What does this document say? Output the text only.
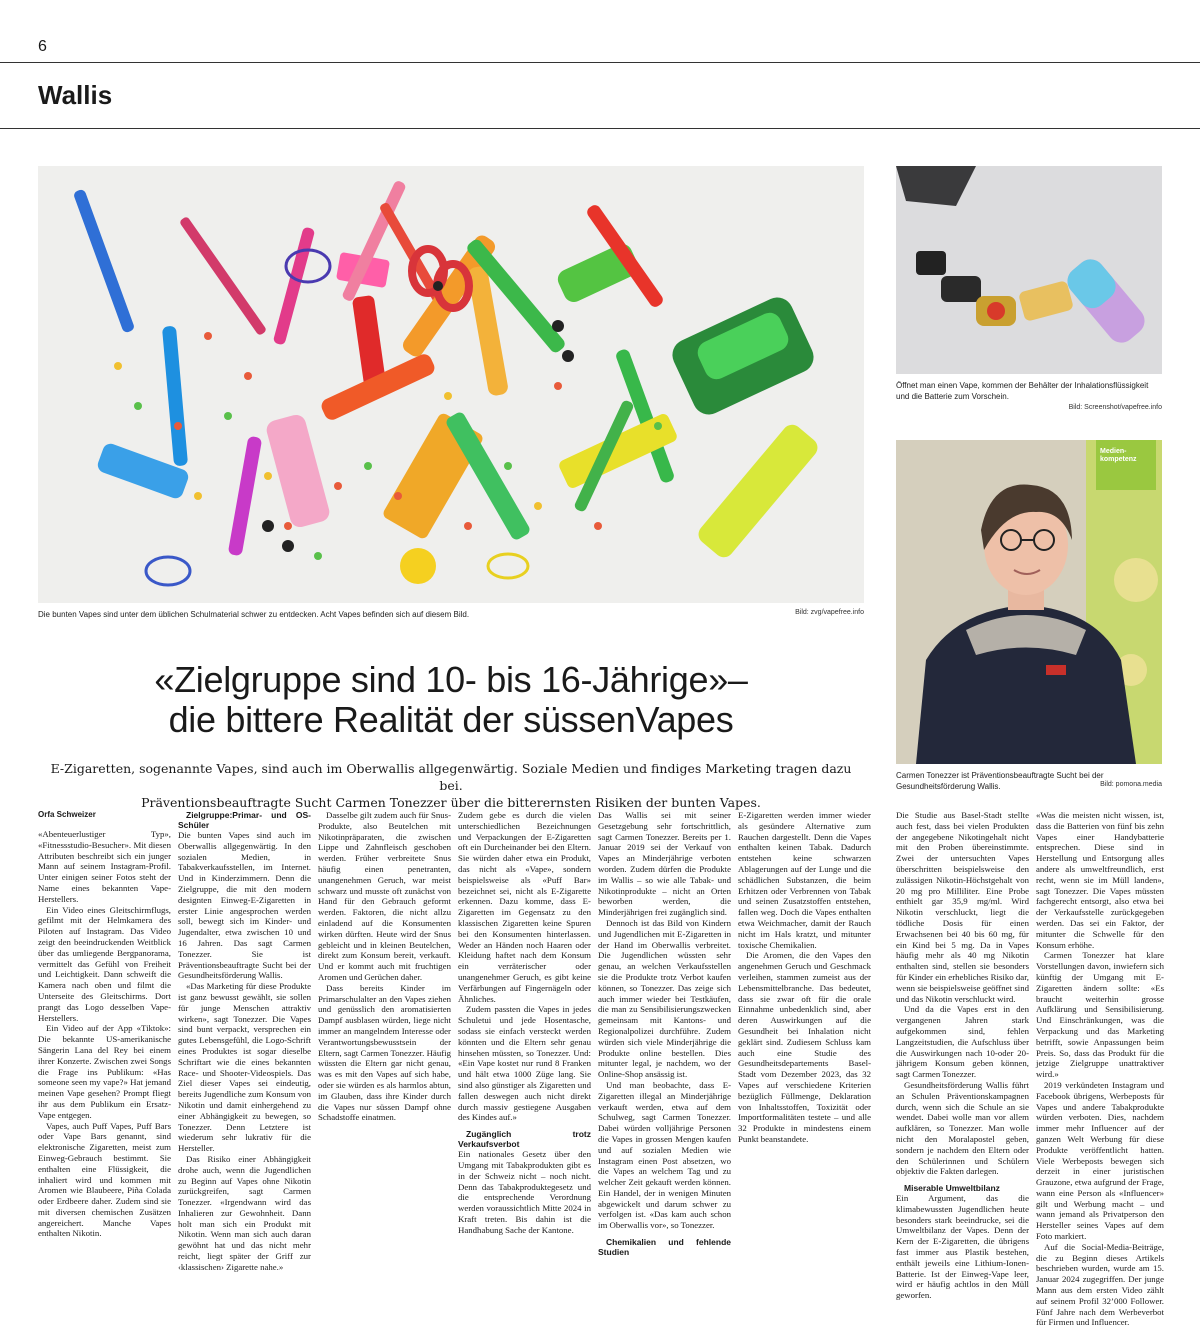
6
Wallis
Die bunten Vapes sind unter dem üblichen Schulmaterial schwer zu entdecken. Acht Vapes befinden sich auf diesem Bild.	Bild: zvg/vapefree.info
Öffnet man einen Vape, kommen der Behälter der Inhalationsflüssigkeit und die Batterie zum Vorschein.
Bild: Screenshot/vapefree.info
Medienkompetenz
Carmen Tonezzer ist Präventionsbeauftragte Sucht bei der Gesundheitsförderung Wallis.	Bild: pomona.media
«Zielgruppe sind 10- bis 16-Jährige»–
die bittere Realität der süssenVapes
E-Zigaretten, sogenannte Vapes, sind auch im Oberwallis allgegenwärtig. Soziale Medien und findiges Marketing tragen dazu bei.
Präventionsbeauftragte Sucht Carmen Tonezzer über die bitterernsten Risiken der bunten Vapes.
Orfa Schweizer

«Abenteuerlustiger Typ», «Fitnessstudio-Besucher». Mit diesen Attributen beschreibt sich ein junger Mann auf seinem Instagram-Profil. Unter einigen seiner Fotos steht der Name eines bekannten Vape-Herstellers.

Ein Video eines Gleitschirmflugs, gefilmt mit der Helmkamera des Piloten auf Instagram. Das Video zeigt den beeindruckenden Weitblick über das umliegende Bergpanorama, vermittelt das Gefühl von Freiheit und Leichtigkeit. Dann schweift die Kamera nach oben und filmt die Unterseite des Gleitschirms. Dort prangt das Logo desselben Vape-Herstellers.

Ein Video auf der App «Tiktok»: Die bekannte US-amerikanische Sängerin Lana del Rey bei einem ihrer Konzerte. Zwischen zwei Songs die Frage ins Publikum: «Has someone seen my vape?» Hat jemand meinen Vape gesehen? Prompt fliegt ihr aus dem Publikum ein Ersatz-Vape entgegen.

Vapes, auch Puff Vapes, Puff Bars oder Vape Bars genannt, sind elektronische Zigaretten, meist zum Einweg-Gebrauch bestimmt. Sie enthalten eine Flüssigkeit, die inhaliert wird und kommen mit Aromen wie Blaubeere, Piña Colada oder Erdbeere daher. Zudem sind sie mit diversen chemischen Zusätzen angereichert. Manche Vapes enthalten Nikotin.

Zielgruppe:Primar- und OS-Schüler

Die bunten Vapes sind auch im Oberwallis allgegenwärtig. In den sozialen Medien, in Tabakverkaufsstellen, im Internet. Und in Kinderzimmern. Denn die Zielgruppe, die mit den modern designten Einweg-E-Zigaretten in erster Linie angesprochen werden soll, bewegt sich im Kinder- und Jugendalter, etwa zwischen 10 und 16 Jahren. Das sagt Carmen Tonezzer. Sie ist Präventionsbeauftragte Sucht bei der Gesundheitsförderung Wallis.

«Das Marketing für diese Produkte ist ganz bewusst gewählt, sie sollen für junge Menschen attraktiv wirken», sagt Tonezzer. Die Vapes sind bunt verpackt, versprechen ein gutes Lebensgefühl, die Logo-Schrift eines Produktes ist sogar dieselbe Schriftart wie die eines bekannten Race- und Shooter-Videospiels. Das Ziel dieser Vapes sei eindeutig, bereits Jugendliche zum Konsum von Nikotin und damit einhergehend zu einer Abhängigkeit zu bewegen, so Tonezzer. Denn Letztere ist wiederum sehr lukrativ für die Hersteller.

Das Risiko einer Abhängigkeit drohe auch, wenn die Jugendlichen zu Beginn auf Vapes ohne Nikotin zurückgreifen, sagt Carmen Tonezzer. «Irgendwann wird das Inhalieren zur Gewohnheit. Dann holt man sich ein Produkt mit Nikotin. Wenn man sich auch daran gewöhnt hat und das nicht mehr reicht, liegt später der Griff zur ‹klassischen› Zigarette nahe.»

Dasselbe gilt zudem auch für Snus-Produkte, also Beutelchen mit Nikotinpräparaten, die zwischen Lippe und Zahnfleisch geschoben werden. Früher verbreitete Snus häufig einen penetranten, unangenehmen Geruch, war meist schwarz und musste oft zunächst von Hand für den Gebrauch geformt werden. Faktoren, die nicht allzu einladend auf die Konsumenten wirken dürften. Heute wird der Snus gebleicht und in kleinen Beutelchen, direkt zum Konsum bereit, verkauft. Und er kommt auch mit fruchtigen Aromen und Gerüchen daher.

Dass bereits Kinder im Primarschulalter an den Vapes ziehen und genüsslich den aromatisierten Dampf ausblasen würden, liege nicht immer an mangelndem Interesse oder Verantwortungsbewusstsein der Eltern, sagt Carmen Tonezzer. Häufig wüssten die Eltern gar nicht genau, was es mit den Vapes auf sich habe, oder sie würden es als harmlos abtun, im Glauben, dass ihre Kinder durch die Vapes nur süssen Dampf ohne Schadstoffe einatmen.

Zudem gebe es durch die vielen unterschiedlichen Bezeichnungen und Verpackungen der E-Zigaretten oft ein Durcheinander bei den Eltern. Sie würden daher etwa ein Produkt, das nicht als «Vape», sondern beispielsweise als «Puff Bar» bezeichnet sei, nicht als E-Zigarette erkennen. Dazu komme, dass E-Zigaretten im Gegensatz zu den klassischen Zigaretten keine Spuren bei den Konsumenten hinterlassen. Weder an Händen noch Haaren oder Kleidung haftet nach dem Konsum ein verräterischer oder unangenehmer Geruch, es gibt keine Verfärbungen auf Fingernägeln oder Ähnliches.

Zudem passten die Vapes in jedes Schuletui und jede Hosentasche, sodass sie einfach versteckt werden könnten und die Eltern sehr genau hinsehen müssten, so Tonezzer. Und: «Ein Vape kostet nur rund 8 Franken und hält etwa 1000 Züge lang. Sie sind also günstiger als Zigaretten und fallen deswegen auch nicht direkt durch massiv gestiegene Ausgaben des Kindes auf.»

Zugänglich trotz Verkaufsverbot

Ein nationales Gesetz über den Umgang mit Tabakprodukten gibt es in der Schweiz nicht – noch nicht. Denn das Tabakproduktegesetz und die entsprechende Verordnung werden voraussichtlich Mitte 2024 in Kraft treten. Bis dahin ist die Handhabung Sache der Kantone.

Das Wallis sei mit seiner Gesetzgebung sehr fortschrittlich, sagt Carmen Tonezzer. Bereits per 1. Januar 2019 sei der Verkauf von Vapes an Minderjährige verboten worden. Zudem dürfen die Produkte im Wallis – so wie alle Tabak- und Nikotinprodukte – nicht an Orten beworben werden, die Minderjährigen frei zugänglich sind.

Dennoch ist das Bild von Kindern und Jugendlichen mit E-Zigaretten in der Hand im Oberwallis verbreitet. Die Jugendlichen wüssten sehr genau, an welchen Verkaufsstellen sie die Produkte trotz Verbot kaufen können, so Tonezzer. Das zeige sich auch immer wieder bei Testkäufen, die man zu Sensibilisierungszwecken gemeinsam mit Kantons- und Regionalpolizei durchführe. Zudem würden sich viele Minderjährige die Produkte online bestellen. Dies mitunter legal, je nachdem, wo der Online-Shop ansässig ist.

Und man beobachte, dass E-Zigaretten illegal an Minderjährige verkauft werden, etwa auf dem Schulweg, sagt Carmen Tonezzer. Dabei würden volljährige Personen die Vapes in grossen Mengen kaufen und auf sozialen Medien wie Instagram einen Post absetzen, wo die Vapes an welchem Tag und zu welcher Zeit gekauft werden können. Ein Handel, der in wenigen Minuten abgewickelt und darum schwer zu verfolgen ist. «Das kam auch schon im Oberwallis vor», so Tonezzer.

Chemikalien und fehlende Studien

E-Zigaretten werden immer wieder als gesündere Alternative zum Rauchen dargestellt. Denn die Vapes enthalten keinen Tabak. Dadurch entstehen keine schwarzen Ablagerungen auf der Lunge und die schädlichen Substanzen, die beim Erhitzen oder Verbrennen von Tabak und seinen Zusatzstoffen entstehen, fallen weg. Doch die Vapes enthalten etwa Weichmacher, damit der Rauch nicht im Hals kratzt, und mitunter toxische Chemikalien.

Die Aromen, die den Vapes den angenehmen Geruch und Geschmack verleihen, stammen zumeist aus der Lebensmittelbranche. Das bedeutet, dass sie zwar oft für die orale Einnahme unbedenklich sind, aber deren Auswirkungen auf die Gesundheit bei Inhalation nicht geklärt sind. Zudiesem Schluss kam auch eine Studie des Gesundheitsdepartements Basel-Stadt vom Dezember 2023, das 32 Vapes auf verschiedene Kriterien bezüglich Füllmenge, Deklaration von Inhaltsstoffen, Toxizität oder Importformalitäten testete – und alle 32 Produkte in mindestens einem Punkt beanstandete.

Die Studie aus Basel-Stadt stellte auch fest, dass bei vielen Produkten der angegebene Nikotingehalt nicht mit den Proben übereinstimmte. Zwei der untersuchten Vapes überschritten beispielsweise den zulässigen Nikotin-Höchstgehalt von 20 mg pro Milliliter. Eine Probe enthielt gar 35,9 mg/ml. Wird Nikotin verschluckt, liegt die tödliche Dosis für einen Erwachsenen bei 40 bis 60 mg, für ein Kind bei 5 mg. Da in Vapes häufig mehr als 40 mg Nikotin enthalten sind, stellen sie besonders für Kinder ein erhebliches Risiko dar, wenn sie beispielsweise geöffnet sind und das Nikotin verschluckt wird.

Und da die Vapes erst in den vergangenen Jahren stark aufgekommen sind, fehlen Langzeitstudien, die Aufschluss über die Auswirkungen nach 10-oder 20-jährigem Konsum geben können, sagt Carmen Tonezzer.

Gesundheitsförderung Wallis führt an Schulen Präventionskampagnen durch, wenn sich die Schule an sie wendet. Dabei wolle man vor allem aufklären, so Tonezzer. Man wolle nicht den Moralapostel geben, sondern je nachdem den Eltern oder den Schülerinnen und Schülern objektiv die Fakten darlegen.

Miserable Umweltbilanz

Ein Argument, das die klimabewussten Jugendlichen heute besonders stark beeindrucke, sei die Umweltbilanz der Vapes. Denn der Kern der E-Zigaretten, die übrigens fast immer aus Plastik bestehen, enthält jeweils eine Lithium-Ionen-Batterie. Ist der Einweg-Vape leer, wird er häufig achtlos in den Müll geworfen.

«Was die meisten nicht wissen, ist, dass die Batterien von fünf bis zehn Vapes einer Handybatterie entsprechen. Diese sind in Herstellung und Entsorgung alles andere als umweltfreundlich, erst recht, wenn sie im Müll landen», sagt Tonezzer. Die Vapes müssten fachgerecht entsorgt, also etwa bei der Verkaufsstelle zurückgegeben werden. Das sei ein Faktor, der mitunter die Schwelle für den Konsum erhöhe.

Carmen Tonezzer hat klare Vorstellungen davon, inwiefern sich künftig der Umgang mit E-Zigaretten ändern sollte: «Es braucht weiterhin grosse Aufklärung und Sensibilisierung. Und Einschränkungen, was die Verpackung und das Marketing betrifft, sowie Anpassungen beim Preis. So, dass das Produkt für die jetzige Zielgruppe unattraktiver wird.»

2019 verkündeten Instagram und Facebook übrigens, Werbeposts für Vapes und andere Tabakprodukte würden verboten. Dies, nachdem immer mehr Influencer auf der ganzen Welt Werbung für diese Produkte veröffentlicht hatten. Viele Werbeposts bewegen sich derzeit in einer juristischen Grauzone, etwa aufgrund der Frage, wann eine Person als «Influencer» gilt und Werbung macht – und wann jemand als Privatperson den Hersteller seines Vapes auf dem Foto markiert.

Auf die Social-Media-Beiträge, die zu Beginn dieses Artikels beschrieben wurden, wurde am 15. Januar 2024 zugegriffen. Der junge Mann aus dem ersten Video zählt auf seinem Profil 32’000 Follower. Fünf Jahre nach dem Werbeverbot für Firmen und Influencer.
